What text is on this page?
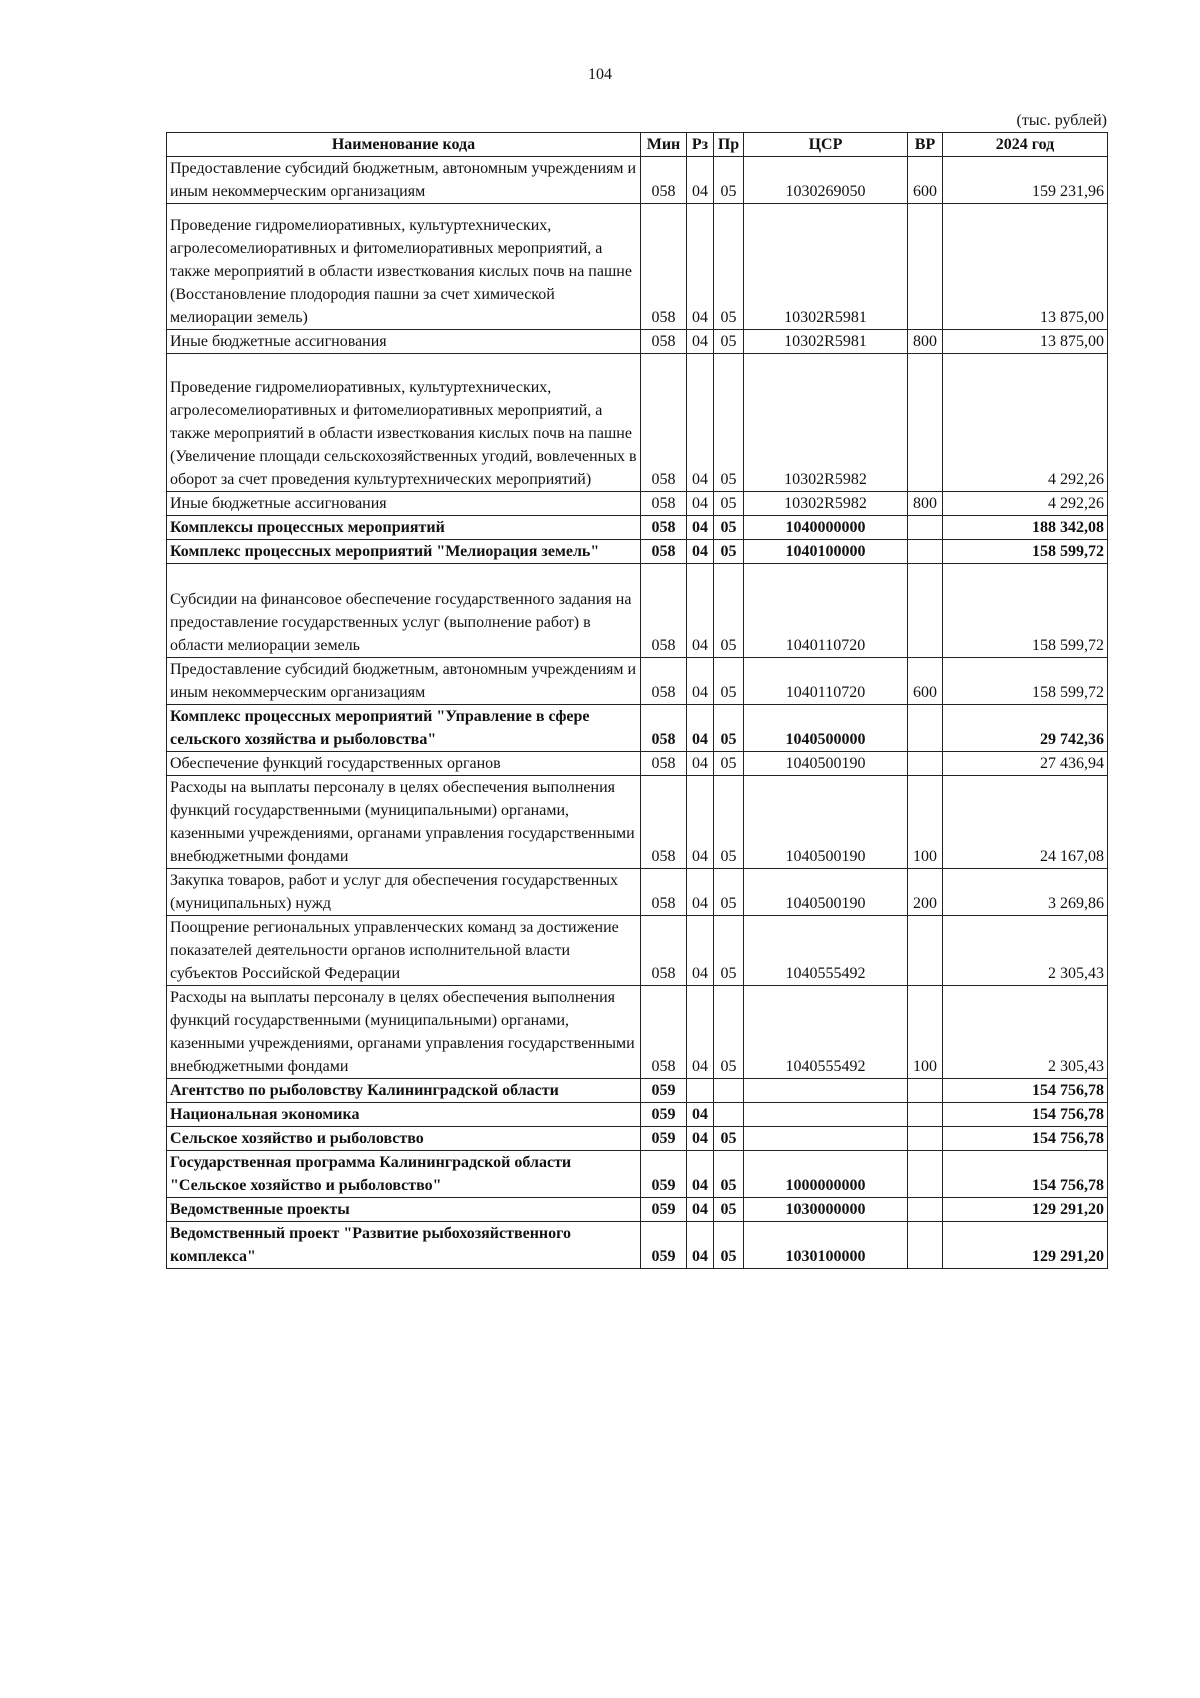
104
(тыс. рублей)
Наименование кода	Мин	Рз	Пр	ЦСР	ВР	2024 год
Предоставление субсидий бюджетным, автономным учреждениям и иным некоммерческим организациям	058	04	05	1030269050	600	159 231,96
Проведение гидромелиоративных, культуртехнических, агролесомелиоративных и фитомелиоративных мероприятий, а также мероприятий в области известкования кислых почв на пашне (Восстановление плодородия пашни за счет химической мелиорации земель)	058	04	05	10302R5981		13 875,00
Иные бюджетные ассигнования	058	04	05	10302R5981	800	13 875,00
Проведение гидромелиоративных, культуртехнических, агролесомелиоративных и фитомелиоративных мероприятий, а также мероприятий в области известкования кислых почв на пашне (Увеличение площади сельскохозяйственных угодий, вовлеченных в оборот за счет проведения культуртехнических мероприятий)	058	04	05	10302R5982		4 292,26
Иные бюджетные ассигнования	058	04	05	10302R5982	800	4 292,26
Комплексы процессных мероприятий	058	04	05	1040000000		188 342,08
Комплекс процессных мероприятий "Мелиорация земель"	058	04	05	1040100000		158 599,72
Субсидии на финансовое обеспечение государственного задания на предоставление государственных услуг (выполнение работ) в области мелиорации земель	058	04	05	1040110720		158 599,72
Предоставление субсидий бюджетным, автономным учреждениям и иным некоммерческим организациям	058	04	05	1040110720	600	158 599,72
Комплекс процессных мероприятий "Управление в сфере сельского хозяйства и рыболовства"	058	04	05	1040500000		29 742,36
Обеспечение функций государственных органов	058	04	05	1040500190		27 436,94
Расходы на выплаты персоналу в целях обеспечения выполнения функций государственными (муниципальными) органами, казенными учреждениями, органами управления государственными внебюджетными фондами	058	04	05	1040500190	100	24 167,08
Закупка товаров, работ и услуг для обеспечения государственных (муниципальных) нужд	058	04	05	1040500190	200	3 269,86
Поощрение региональных управленческих команд за достижение показателей деятельности органов исполнительной власти субъектов Российской Федерации	058	04	05	1040555492		2 305,43
Расходы на выплаты персоналу в целях обеспечения выполнения функций государственными (муниципальными) органами, казенными учреждениями, органами управления государственными внебюджетными фондами	058	04	05	1040555492	100	2 305,43
Агентство по рыболовству Калининградской области	059					154 756,78
Национальная экономика	059	04				154 756,78
Сельское хозяйство и рыболовство	059	04	05			154 756,78
Государственная программа Калининградской области "Сельское хозяйство и рыболовство"	059	04	05	1000000000		154 756,78
Ведомственные проекты	059	04	05	1030000000		129 291,20
Ведомственный проект "Развитие рыбохозяйственного комплекса"	059	04	05	1030100000		129 291,20
